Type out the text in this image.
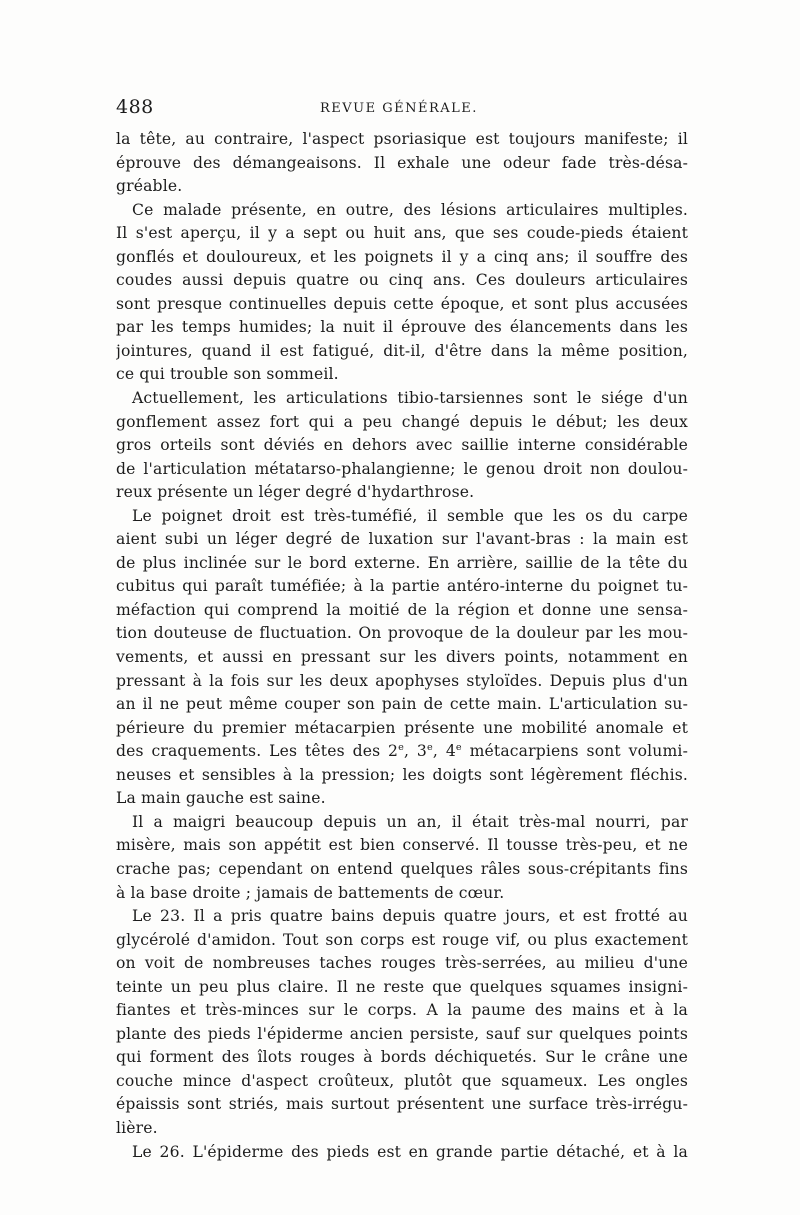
488	REVUE GÉNÉRALE.
la tête, au contraire, l'aspect psoriasique est toujours manifeste; il
éprouve des démangeaisons. Il exhale une odeur fade très-désa-
gréable.
Ce malade présente, en outre, des lésions articulaires multiples.
Il s'est aperçu, il y a sept ou huit ans, que ses coude-pieds étaient
gonflés et douloureux, et les poignets il y a cinq ans; il souffre des
coudes aussi depuis quatre ou cinq ans. Ces douleurs articulaires
sont presque continuelles depuis cette époque, et sont plus accusées
par les temps humides; la nuit il éprouve des élancements dans les
jointures, quand il est fatigué, dit-il, d'être dans la même position,
ce qui trouble son sommeil.
Actuellement, les articulations tibio-tarsiennes sont le siége d'un
gonflement assez fort qui a peu changé depuis le début; les deux
gros orteils sont déviés en dehors avec saillie interne considérable
de l'articulation métatarso-phalangienne; le genou droit non doulou-
reux présente un léger degré d'hydarthrose.
Le poignet droit est très-tuméfié, il semble que les os du carpe
aient subi un léger degré de luxation sur l'avant-bras : la main est
de plus inclinée sur le bord externe. En arrière, saillie de la tête du
cubitus qui paraît tuméfiée; à la partie antéro-interne du poignet tu-
méfaction qui comprend la moitié de la région et donne une sensa-
tion douteuse de fluctuation. On provoque de la douleur par les mou-
vements, et aussi en pressant sur les divers points, notamment en
pressant à la fois sur les deux apophyses styloïdes. Depuis plus d'un
an il ne peut même couper son pain de cette main. L'articulation su-
périeure du premier métacarpien présente une mobilité anomale et
des craquements. Les têtes des 2e, 3e, 4e métacarpiens sont volumi-
neuses et sensibles à la pression; les doigts sont légèrement fléchis.
La main gauche est saine.
Il a maigri beaucoup depuis un an, il était très-mal nourri, par
misère, mais son appétit est bien conservé. Il tousse très-peu, et ne
crache pas; cependant on entend quelques râles sous-crépitants fins
à la base droite ; jamais de battements de cœur.
Le 23. Il a pris quatre bains depuis quatre jours, et est frotté au
glycérolé d'amidon. Tout son corps est rouge vif, ou plus exactement
on voit de nombreuses taches rouges très-serrées, au milieu d'une
teinte un peu plus claire. Il ne reste que quelques squames insigni-
fiantes et très-minces sur le corps. A la paume des mains et à la
plante des pieds l'épiderme ancien persiste, sauf sur quelques points
qui forment des îlots rouges à bords déchiquetés. Sur le crâne une
couche mince d'aspect croûteux, plutôt que squameux. Les ongles
épaissis sont striés, mais surtout présentent une surface très-irrégu-
lière.
Le 26. L'épiderme des pieds est en grande partie détaché, et à la
